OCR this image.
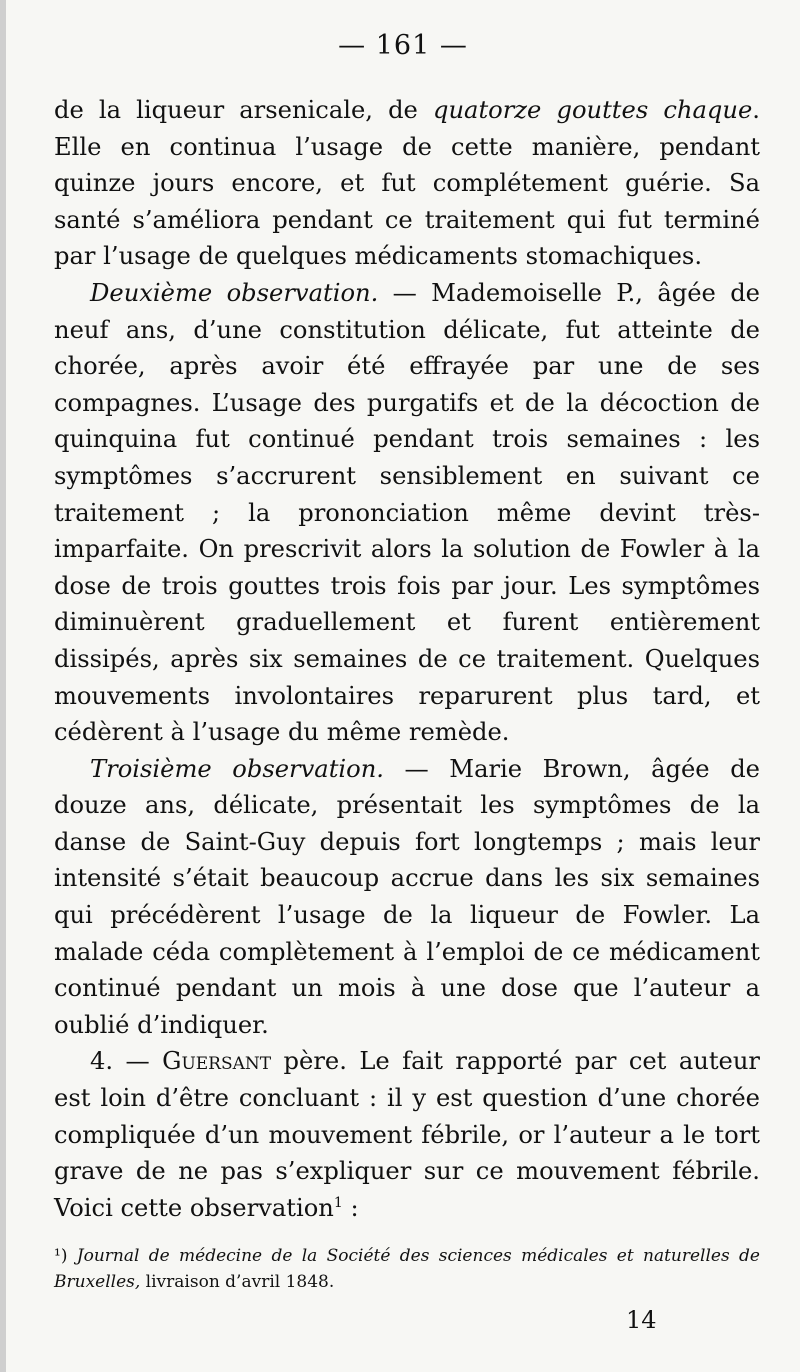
— 161 —

de la liqueur arsenicale, de quatorze gouttes chaque. Elle en continua l’usage de cette manière, pendant quinze jours encore, et fut complétement guérie. Sa santé s’améliora pendant ce traitement qui fut terminé par l’usage de quelques médicaments stomachiques.

Deuxième observation. — Mademoiselle P., âgée de neuf ans, d’une constitution délicate, fut atteinte de chorée, après avoir été effrayée par une de ses compagnes. L’usage des purgatifs et de la décoction de quinquina fut continué pendant trois semaines : les symptômes s’accrurent sensiblement en suivant ce traitement ; la prononciation même devint très-imparfaite. On prescrivit alors la solution de Fowler à la dose de trois gouttes trois fois par jour. Les symptômes diminuèrent graduellement et furent entièrement dissipés, après six semaines de ce traitement. Quelques mouvements involontaires reparurent plus tard, et cédèrent à l’usage du même remède.

Troisième observation. — Marie Brown, âgée de douze ans, délicate, présentait les symptômes de la danse de Saint-Guy depuis fort longtemps ; mais leur intensité s’était beaucoup accrue dans les six semaines qui précédèrent l’usage de la liqueur de Fowler. La malade céda complètement à l’emploi de ce médicament continué pendant un mois à une dose que l’auteur a oublié d’indiquer.

4. — Guersant père. Le fait rapporté par cet auteur est loin d’être concluant : il y est question d’une chorée compliquée d’un mouvement fébrile, or l’auteur a le tort grave de ne pas s’expliquer sur ce mouvement fébrile. Voici cette observation$^1$ :

¹) Journal de médecine de la Société des sciences médicales et naturelles de Bruxelles, livraison d’avril 1848.
14
